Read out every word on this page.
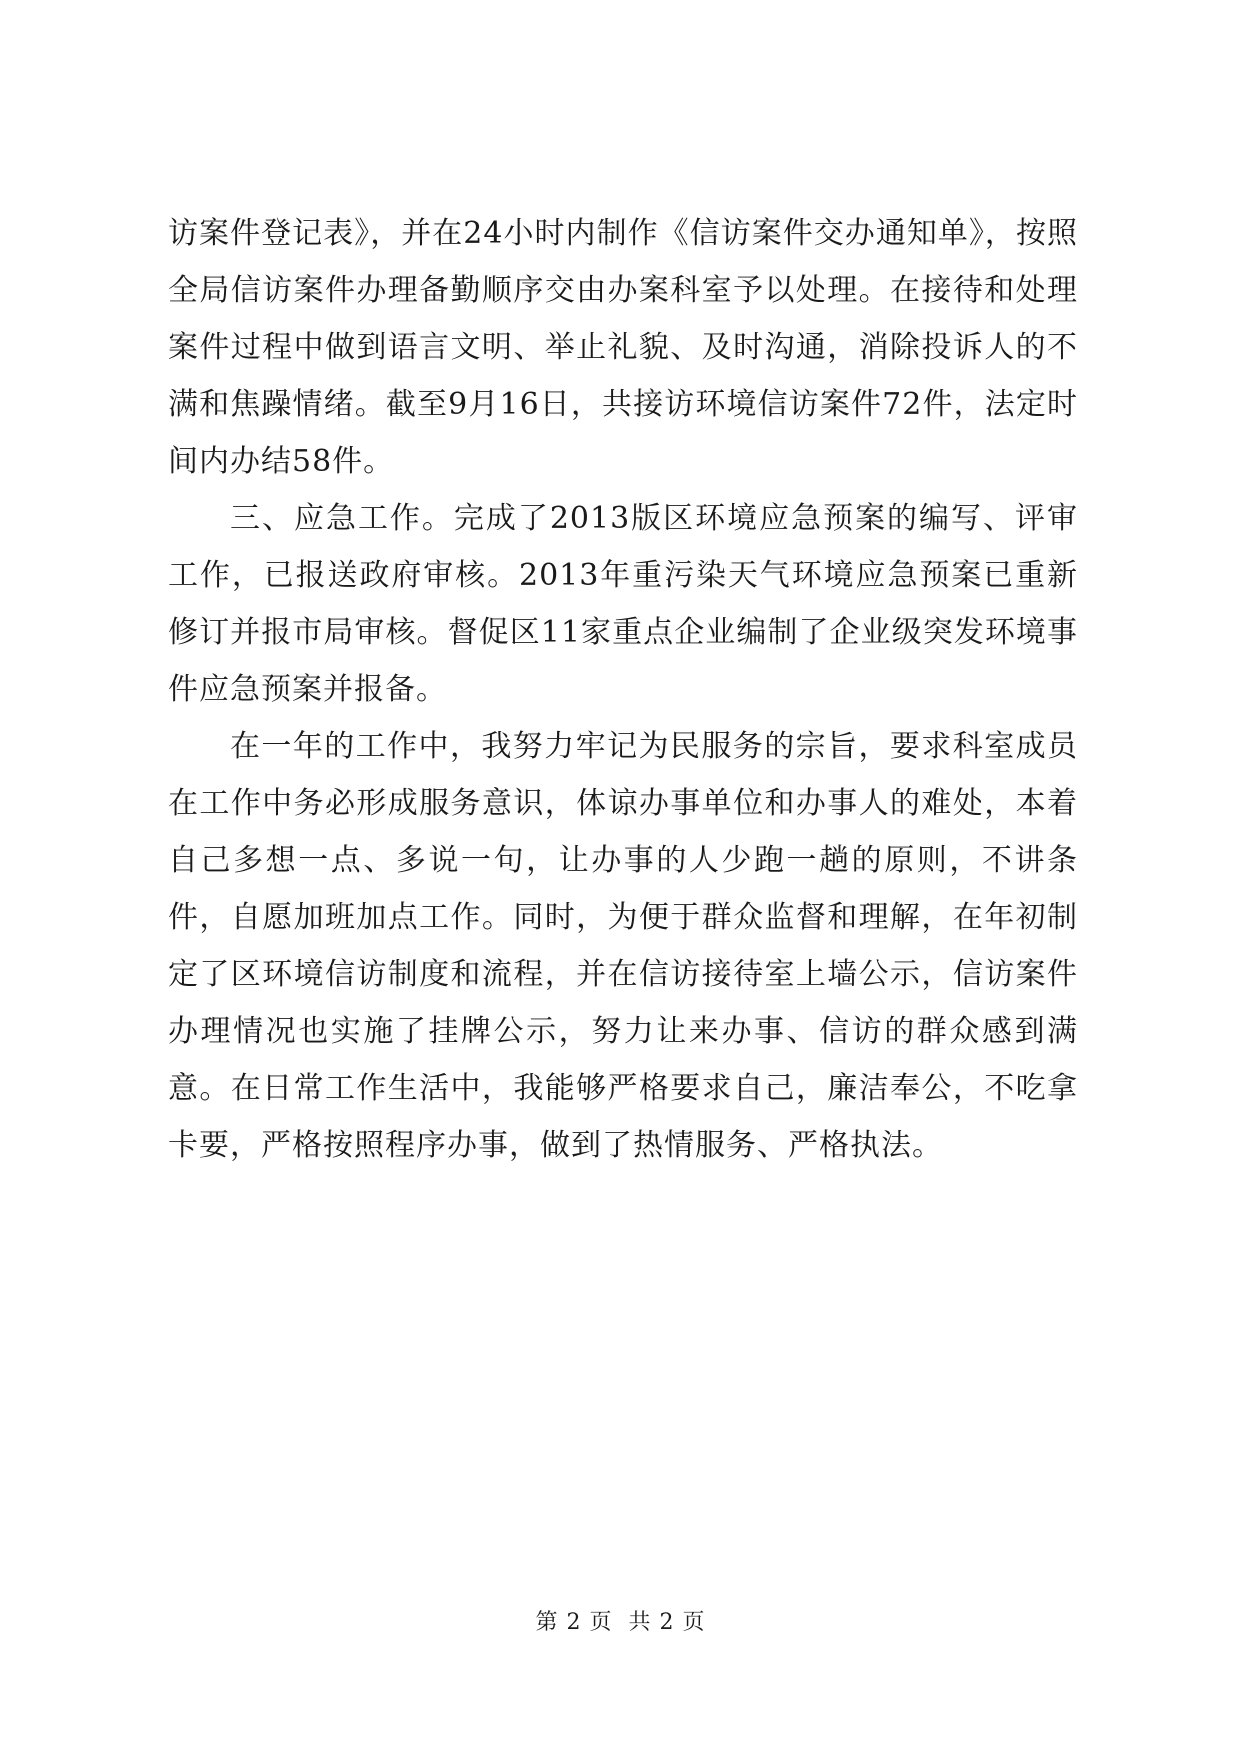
访案件登记表》，并在24小时内制作《信访案件交办通知单》，按照全局信访案件办理备勤顺序交由办案科室予以处理。在接待和处理案件过程中做到语言文明、举止礼貌、及时沟通，消除投诉人的不满和焦躁情绪。截至9月16日，共接访环境信访案件72件，法定时间内办结58件。

三、应急工作。完成了2013版区环境应急预案的编写、评审工作，已报送政府审核。2013年重污染天气环境应急预案已重新修订并报市局审核。督促区11家重点企业编制了企业级突发环境事件应急预案并报备。

在一年的工作中，我努力牢记为民服务的宗旨，要求科室成员在工作中务必形成服务意识，体谅办事单位和办事人的难处，本着自己多想一点、多说一句，让办事的人少跑一趟的原则，不讲条件，自愿加班加点工作。同时，为便于群众监督和理解，在年初制定了区环境信访制度和流程，并在信访接待室上墙公示，信访案件办理情况也实施了挂牌公示，努力让来办事、信访的群众感到满意。在日常工作生活中，我能够严格要求自己，廉洁奉公，不吃拿卡要，严格按照程序办事，做到了热情服务、严格执法。

第 2 页 共 2 页
